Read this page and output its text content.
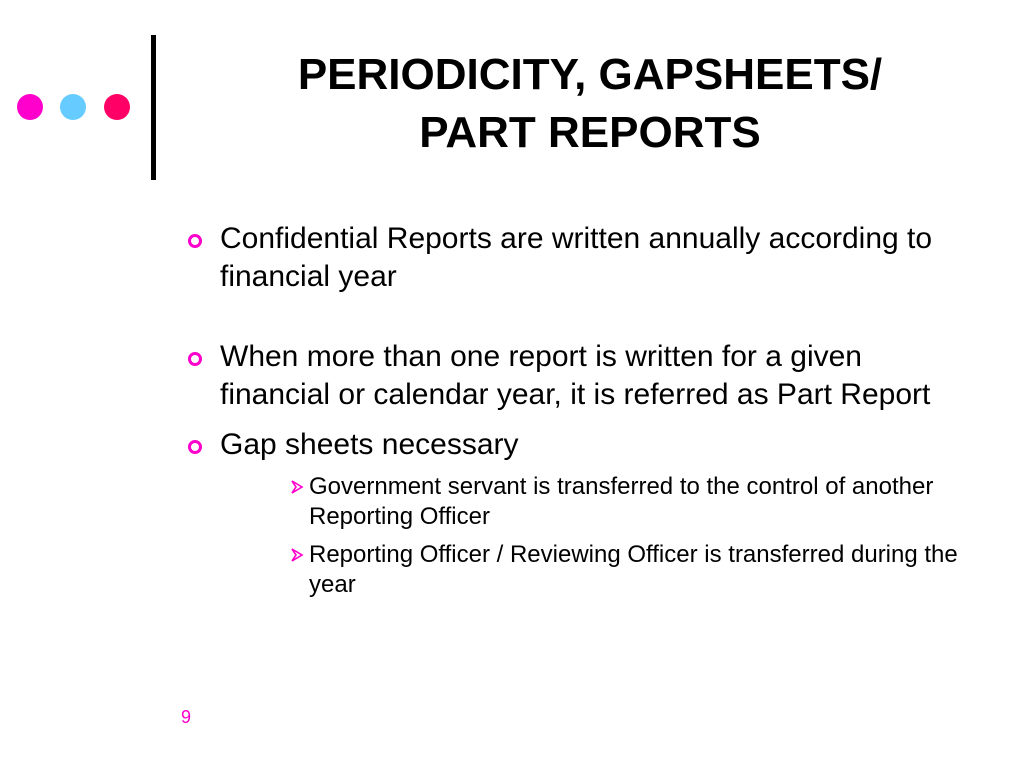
PERIODICITY, GAPSHEETS/
PART REPORTS
Confidential Reports are written annually according to financial year
When more than one report is written for a given financial or calendar year, it is referred as Part Report
Gap sheets necessary
Government servant is transferred to the control of another Reporting Officer
Reporting Officer / Reviewing Officer is transferred during the year
9
